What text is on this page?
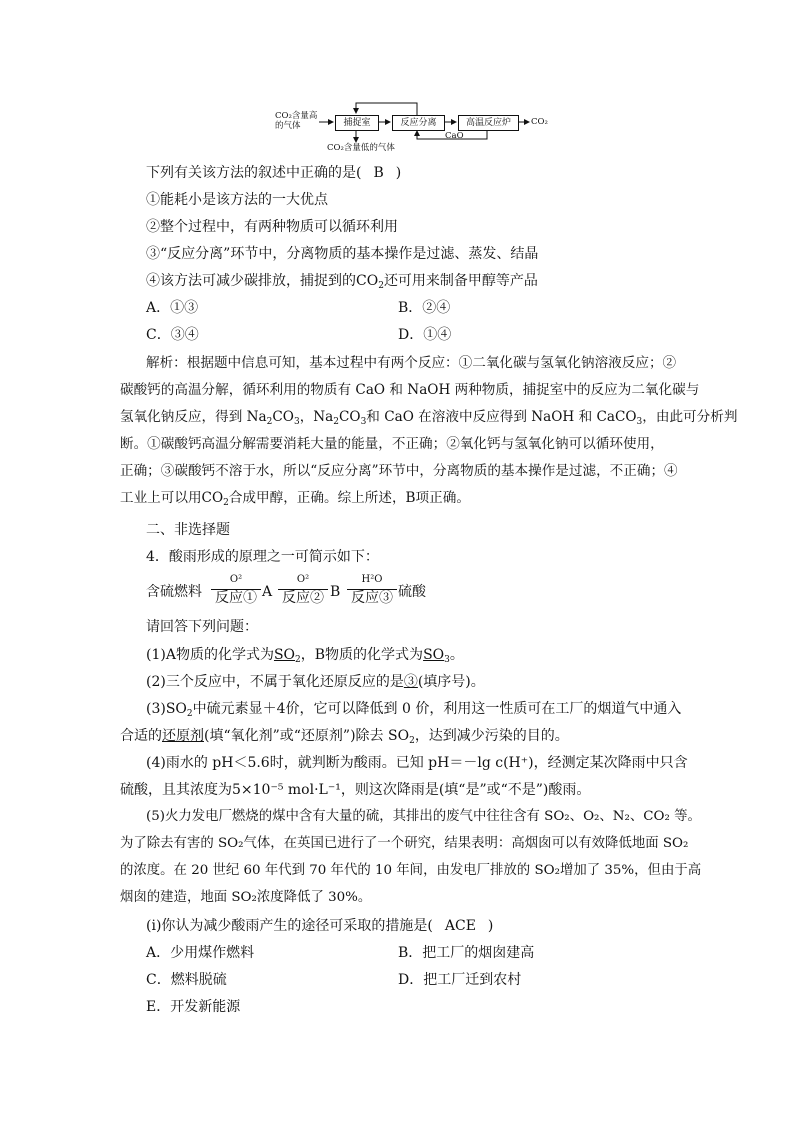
CO₂含量高的气体	捕捉室	反应分离	高温反应炉	CO₂
CaO
CO₂含量低的气体
下列有关该方法的叙述中正确的是( B )
①能耗小是该方法的一大优点
②整个过程中，有两种物质可以循环利用
③“反应分离”环节中，分离物质的基本操作是过滤、蒸发、结晶
④该方法可减少碳排放，捕捉到的$CO_2$还可用来制备甲醇等产品
A．①③	B．②④
C．③④	D．①④
解析：根据题中信息可知，基本过程中有两个反应：①二氧化碳与氢氧化钠溶液反应；②
碳酸钙的高温分解，循环利用的物质有 CaO 和 NaOH 两种物质，捕捉室中的反应为二氧化碳与
氢氧化钠反应，得到 $Na_2CO_3$，$Na_2CO_3$和 CaO 在溶液中反应得到 NaOH 和 CaCO$_3$，由此可分析判
断。①碳酸钙高温分解需要消耗大量的能量，不正确；②氧化钙与氢氧化钠可以循环使用，
正确；③碳酸钙不溶于水，所以“反应分离”环节中，分离物质的基本操作是过滤，不正确；④
工业上可以用$CO_2$合成甲醇，正确。综上所述，B项正确。
二、非选择题
4．酸雨形成的原理之一可简示如下：
含硫燃料
O²
反应① A
O²
反应② B
H²O
反应③ 硫酸
请回答下列问题：
(1)A物质的化学式为$SO_2$，B物质的化学式为$SO_3$。
(2)三个反应中，不属于氧化还原反应的是③(填序号)。
$(3)SO_2$中硫元素显＋4价，它可以降低到 0 价，利用这一性质可在工厂的烟道气中通入
合适的还原剂(填“氧化剂”或“还原剂”)除去 $SO_2$，达到减少污染的目的。
(4)雨水的 pH＜5.6时，就判断为酸雨。已知 pH＝－lg c(H⁺)，经测定某次降雨中只含
硫酸，且其浓度为5×10⁻⁵ mol·L⁻¹，则这次降雨是(填“是”或“不是”)酸雨。
(5)火力发电厂燃烧的煤中含有大量的硫，其排出的废气中往往含有 SO₂、O₂、N₂、CO₂ 等。
为了除去有害的 SO₂气体，在英国已进行了一个研究，结果表明：高烟囱可以有效降低地面 SO₂
的浓度。在 20 世纪 60 年代到 70 年代的 10 年间，由发电厂排放的 SO₂增加了 35%，但由于高
烟囱的建造，地面 SO₂浓度降低了 30%。
(ⅰ)你认为减少酸雨产生的途径可采取的措施是( ACE )
A．少用煤作燃料	B．把工厂的烟囱建高
C．燃料脱硫	D．把工厂迁到农村
E．开发新能源
